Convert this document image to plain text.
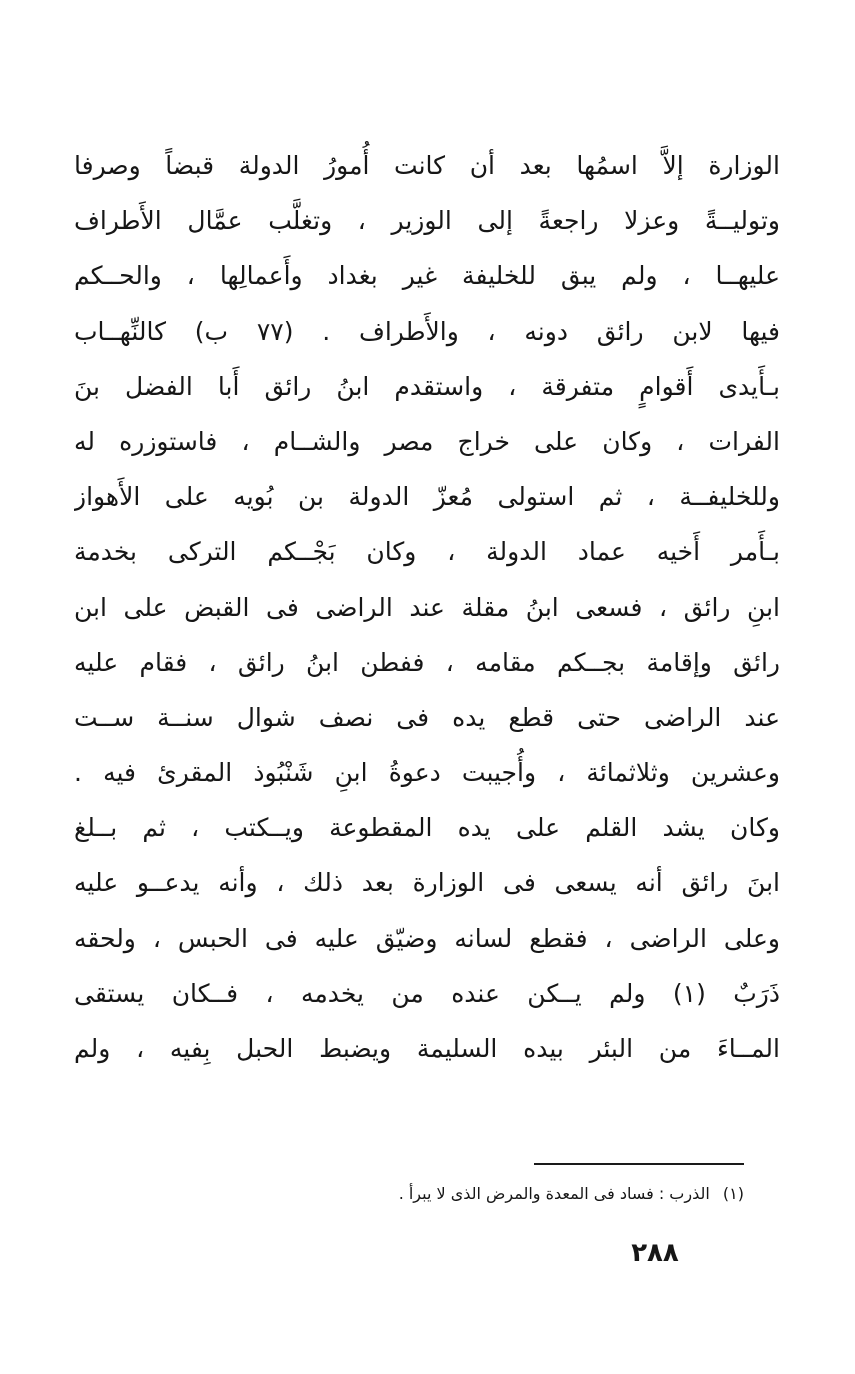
الوزارة إلاَّ اسمُها بعد أن كانت أُمورُ الدولة قبضاً وصرفا
وتوليــةً وعزلا راجعةً إلى الوزير ، وتغلَّب عمَّال الأَطراف
عليهــا ، ولم يبق للخليفة غير بغداد وأَعمالِها ، والحــكم
فيها لابن رائق دونه ، والأَطراف . (٧٧ ب) كالنِّهــاب
بـأَيدى أَقوامٍ متفرقة ، واستقدم ابنُ رائق أَبا الفضل بنَ
الفرات ، وكان على خراج مصر والشــام ، فاستوزره له
وللخليفــة ، ثم استولى مُعزّ الدولة بن بُويه على الأَهواز
بـأَمر أَخيه عماد الدولة ، وكان بَجْــكم التركى بخدمة
ابنِ رائق ، فسعى ابنُ مقلة عند الراضى فى القبض على ابن
رائق وإقامة بجــكم مقامه ، ففطن ابنُ رائق ، فقام عليه
عند الراضى حتى قطع يده فى نصف شوال سنــة ســت
وعشرين وثلاثمائة ، وأُجيبت دعوةُ ابنِ شَنْبُوذ المقرئ فيه .
وكان يشد القلم على يده المقطوعة ويــكتب ، ثم بــلغ
ابنَ رائق أنه يسعى فى الوزارة بعد ذلك ، وأنه يدعــو عليه
وعلى الراضى ، فقطع لسانه وضيّق عليه فى الحبس ، ولحقه
ذَرَبٌ (١) ولم يــكن عنده من يخدمه ، فــكان يستقى
المــاءَ من البئر بيده السليمة ويضبط الحبل بِفيه ، ولم
(١) الذرب : فساد فى المعدة والمرض الذى لا يبرأ .
٢٨٨
